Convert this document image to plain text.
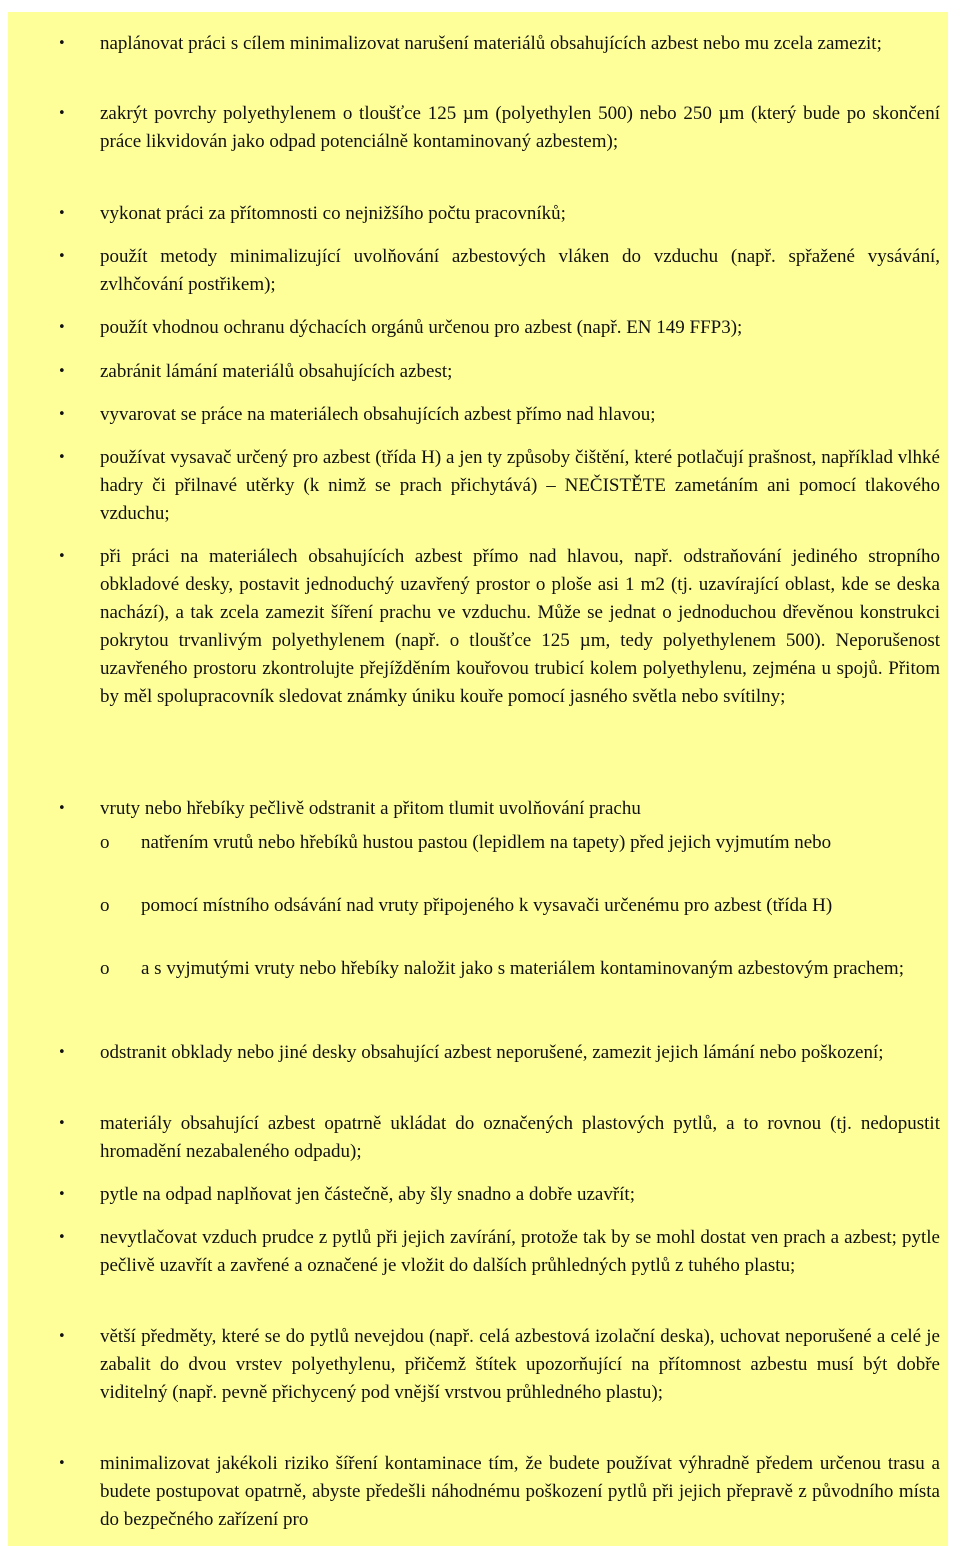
• naplánovat práci s cílem minimalizovat narušení materiálů obsahujících azbest nebo mu zcela zamezit;

• zakrýt povrchy polyethylenem o tloušťce 125 µm (polyethylen 500) nebo 250 µm (který bude po skončení práce likvidován jako odpad potenciálně kontaminovaný azbestem);

• vykonat práci za přítomnosti co nejnižšího počtu pracovníků;

• použít metody minimalizující uvolňování azbestových vláken do vzduchu (např. spřažené vysávání, zvlhčování postřikem);

• použít vhodnou ochranu dýchacích orgánů určenou pro azbest (např. EN 149 FFP3);

• zabránit lámání materiálů obsahujících azbest;

• vyvarovat se práce na materiálech obsahujících azbest přímo nad hlavou;

• používat vysavač určený pro azbest (třída H) a jen ty způsoby čištění, které potlačují prašnost, například vlhké hadry či přilnavé utěrky (k nimž se prach přichytává) – NEČISTĚTE zametáním ani pomocí tlakového vzduchu;

• při práci na materiálech obsahujících azbest přímo nad hlavou, např. odstraňování jediného stropního obkladové desky, postavit jednoduchý uzavřený prostor o ploše asi 1 m2 (tj. uzavírající oblast, kde se deska nachází), a tak zcela zamezit šíření prachu ve vzduchu. Může se jednat o jednoduchou dřevěnou konstrukci pokrytou trvanlivým polyethylenem (např. o tloušťce 125 µm, tedy polyethylenem 500). Neporušenost uzavřeného prostoru zkontrolujte přejížděním kouřovou trubicí kolem polyethylenu, zejména u spojů. Přitom by měl spolupracovník sledovat známky úniku kouře pomocí jasného světla nebo svítilny;

• vruty nebo hřebíky pečlivě odstranit a přitom tlumit uvolňování prachu

o natřením vrutů nebo hřebíků hustou pastou (lepidlem na tapety) před jejich vyjmutím nebo

o pomocí místního odsávání nad vruty připojeného k vysavači určenému pro azbest (třída H)

o a s vyjmutými vruty nebo hřebíky naložit jako s materiálem kontaminovaným azbestovým prachem;

• odstranit obklady nebo jiné desky obsahující azbest neporušené, zamezit jejich lámání nebo poškození;

• materiály obsahující azbest opatrně ukládat do označených plastových pytlů, a to rovnou (tj. nedopustit hromadění nezabaleného odpadu);

• pytle na odpad naplňovat jen částečně, aby šly snadno a dobře uzavřít;

• nevytlačovat vzduch prudce z pytlů při jejich zavírání, protože tak by se mohl dostat ven prach a azbest; pytle pečlivě uzavřít a zavřené a označené je vložit do dalších průhledných pytlů z tuhého plastu;

• větší předměty, které se do pytlů nevejdou (např. celá azbestová izolační deska), uchovat neporušené a celé je zabalit do dvou vrstev polyethylenu, přičemž štítek upozorňující na přítomnost azbestu musí být dobře viditelný (např. pevně přichycený pod vnější vrstvou průhledného plastu);

• minimalizovat jakékoli riziko šíření kontaminace tím, že budete používat výhradně předem určenou trasu a budete postupovat opatrně, abyste předešli náhodnému poškození pytlů při jejich přepravě z původního místa do bezpečného zařízení pro
